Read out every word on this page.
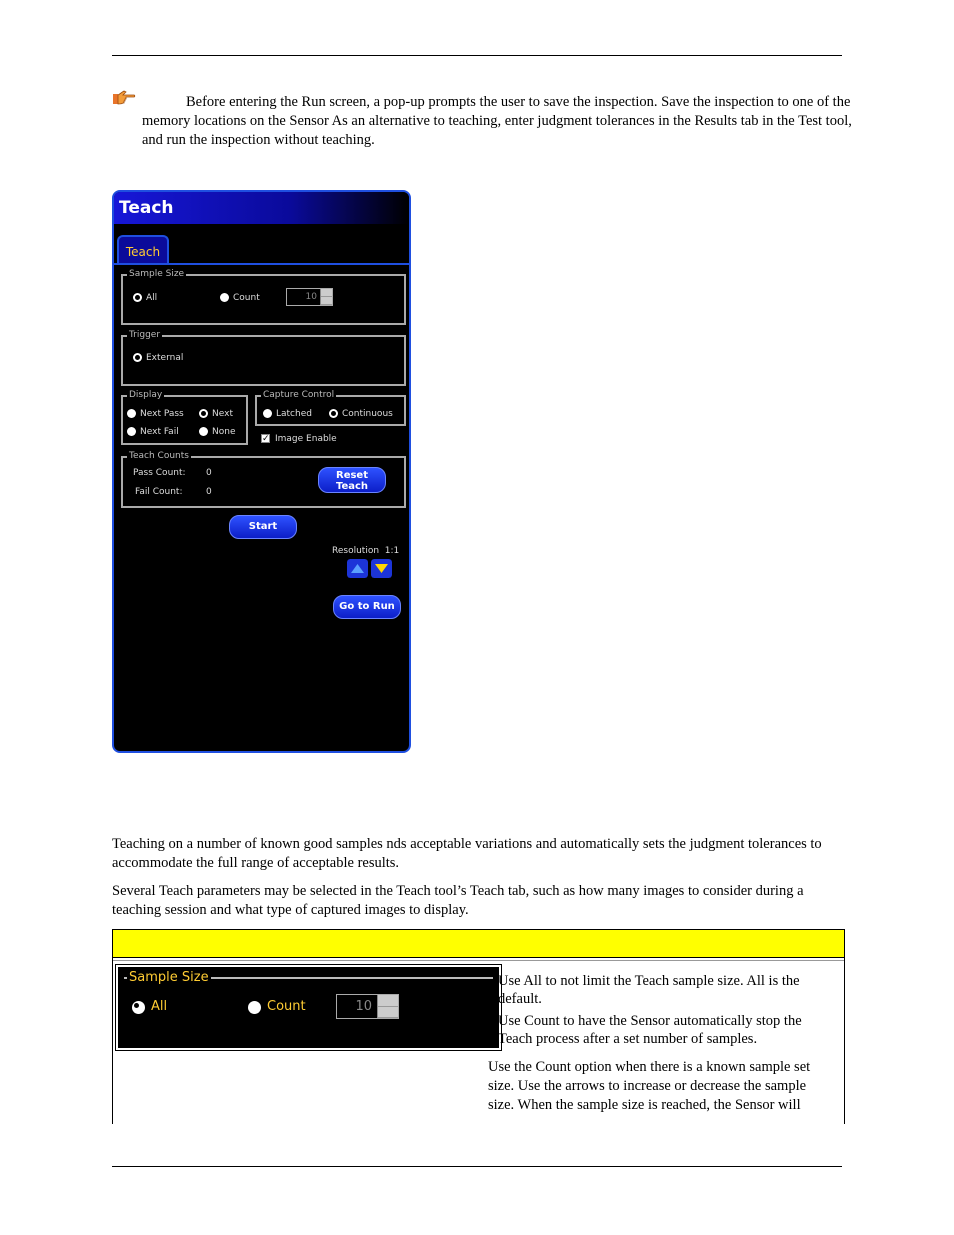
Before entering the Run screen, a pop-up prompts the user to save the inspection. Save the inspection to one of the memory locations on the Sensor As an alternative to teaching, enter judgment tolerances in the Results tab in the Test tool, and run the inspection without teaching.
Teach
Teach
Sample Size
All	Count	10
Trigger
External
Display
Next Pass	Next
Next Fail	None
Capture Control
Latched	Continuous
✓ Image Enable
Teach Counts
Pass Count: 0
Fail Count:	0
Reset
Teach
Start
Resolution  1:1
Go to Run
Teaching on a number of known good samples nds acceptable variations and automatically sets the judgment tolerances to accommodate the full range of acceptable results.
Several Teach parameters may be selected in the Teach tool’s Teach tab, such as how many images to consider during a teaching session and what type of captured images to display.
Sample Size
All	Count	10
Use All to not limit the Teach sample size. All is the
default.
Use Count to have the Sensor automatically stop the
Teach process after a set number of samples.
Use the Count option when there is a known sample set
size. Use the arrows to increase or decrease the sample
size. When the sample size is reached, the Sensor will
